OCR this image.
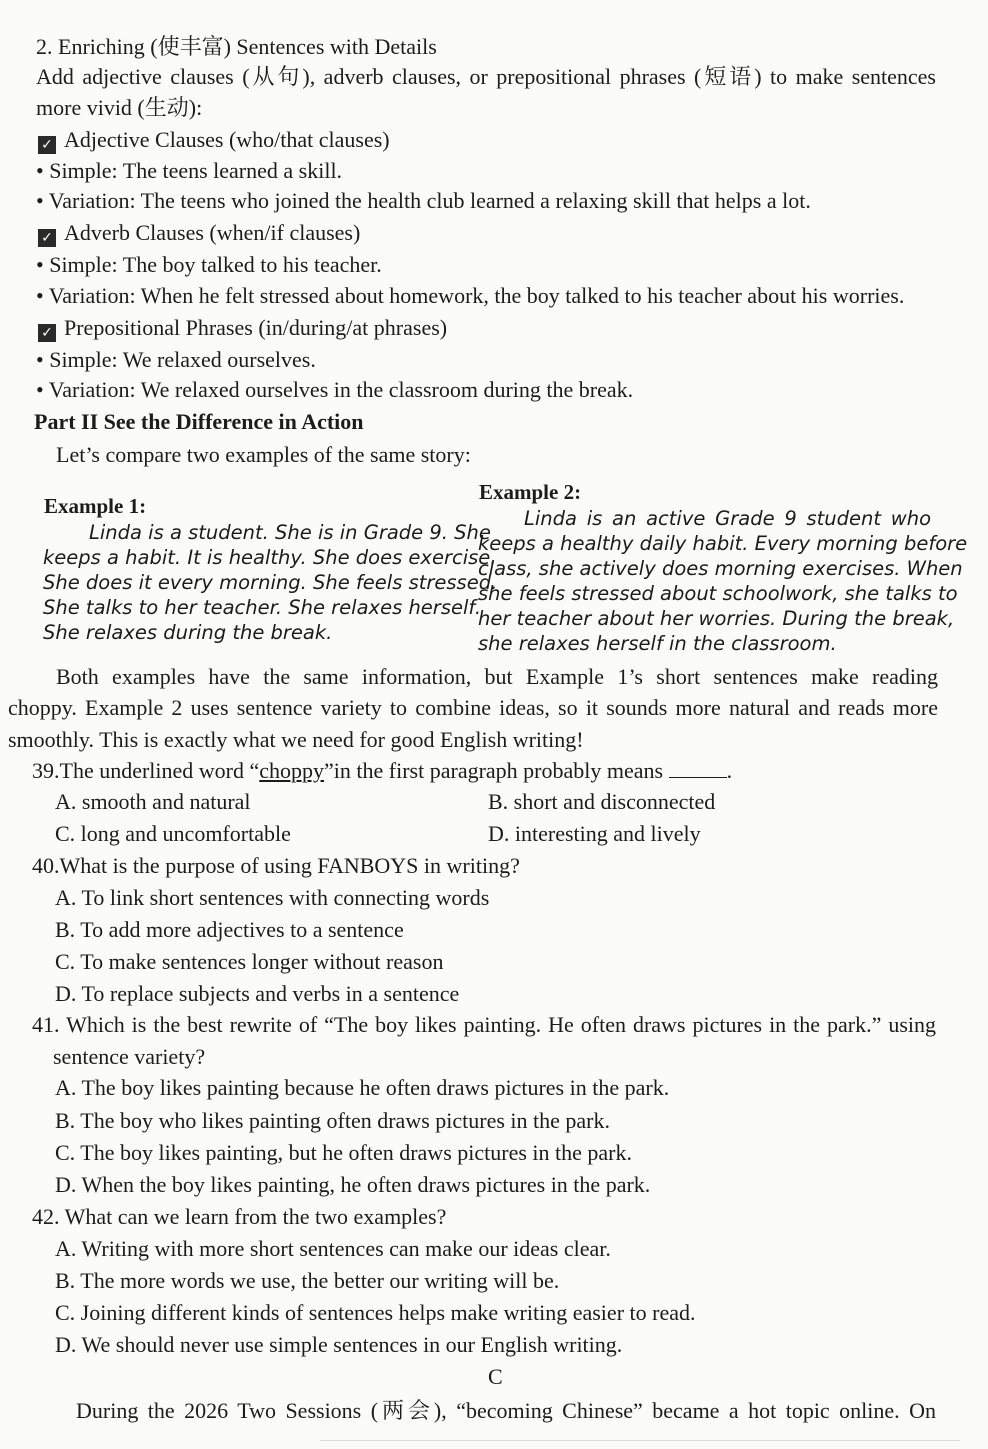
2. Enriching (使丰富) Sentences with Details
Add adjective clauses (从句), adverb clauses, or prepositional phrases (短语) to make sentences
more vivid (生动):
✓ Adjective Clauses (who/that clauses)
• Simple: The teens learned a skill.
• Variation: The teens who joined the health club learned a relaxing skill that helps a lot.
✓ Adverb Clauses (when/if clauses)
• Simple: The boy talked to his teacher.
• Variation: When he felt stressed about homework, the boy talked to his teacher about his worries.
✓ Prepositional Phrases (in/during/at phrases)
• Simple: We relaxed ourselves.
• Variation: We relaxed ourselves in the classroom during the break.
Part II See the Difference in Action
Let’s compare two examples of the same story:
Example 1:
Linda is a student. She is in Grade 9. She
keeps a habit. It is healthy. She does exercise.
She does it every morning. She feels stressed.
She talks to her teacher. She relaxes herself.
She relaxes during the break.
Example 2:
Linda is an active Grade 9 student who
keeps a healthy daily habit. Every morning before
class, she actively does morning exercises. When
she feels stressed about schoolwork, she talks to
her teacher about her worries. During the break,
she relaxes herself in the classroom.
Both examples have the same information, but Example 1’s short sentences make reading
choppy. Example 2 uses sentence variety to combine ideas, so it sounds more natural and reads more
smoothly. This is exactly what we need for good English writing!
39.The underlined word “choppy”in the first paragraph probably means	.
A. smooth and natural	B. short and disconnected
C. long and uncomfortable	D. interesting and lively
40.What is the purpose of using FANBOYS in writing?
A. To link short sentences with connecting words
B. To add more adjectives to a sentence
C. To make sentences longer without reason
D. To replace subjects and verbs in a sentence
41. Which is the best rewrite of “The boy likes painting. He often draws pictures in the park.” using
sentence variety?
A. The boy likes painting because he often draws pictures in the park.
B. The boy who likes painting often draws pictures in the park.
C. The boy likes painting, but he often draws pictures in the park.
D. When the boy likes painting, he often draws pictures in the park.
42. What can we learn from the two examples?
A. Writing with more short sentences can make our ideas clear.
B. The more words we use, the better our writing will be.
C. Joining different kinds of sentences helps make writing easier to read.
D. We should never use simple sentences in our English writing.
C
During the 2026 Two Sessions (两会), “becoming Chinese” became a hot topic online. On
